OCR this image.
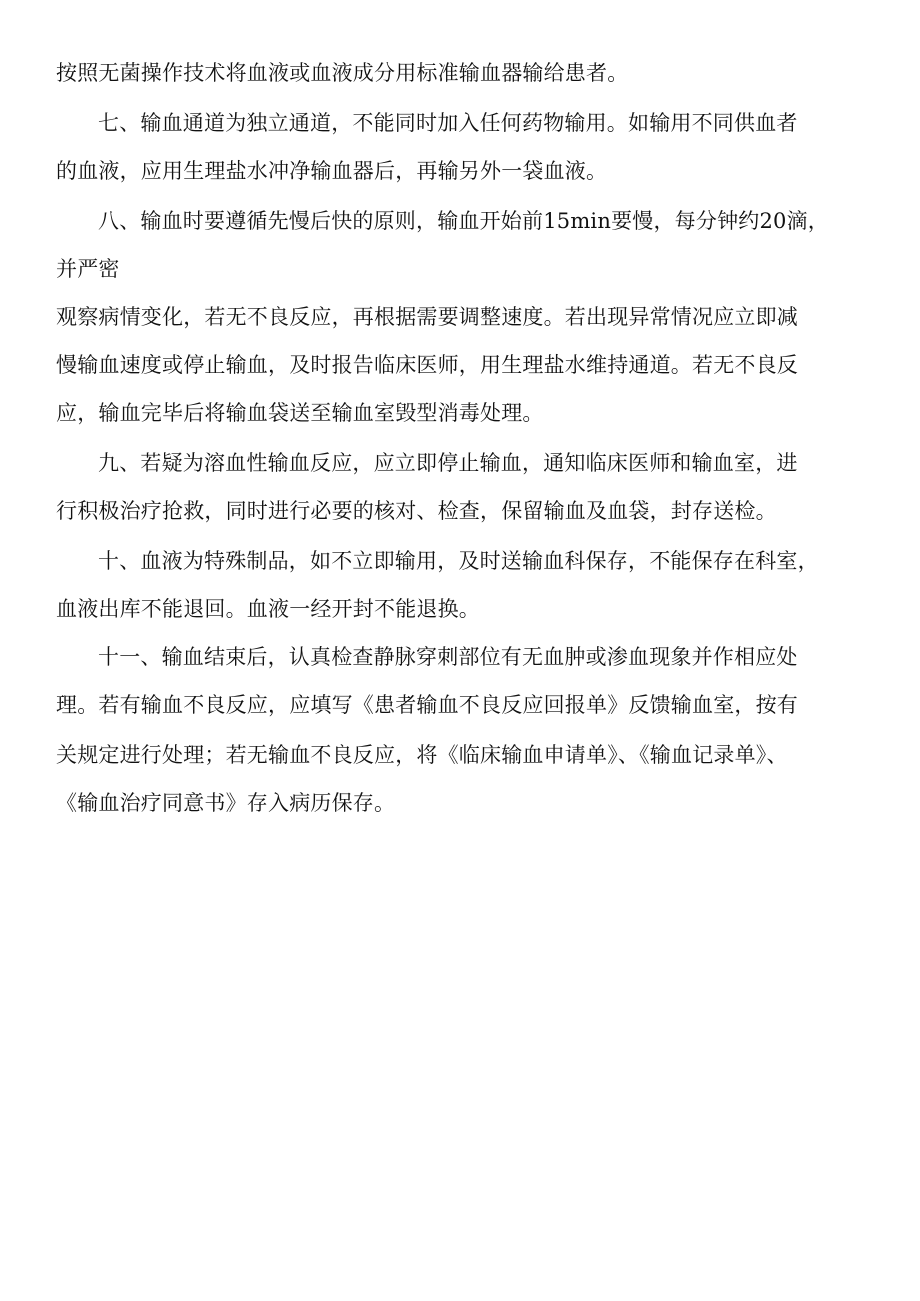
按照无菌操作技术将血液或血液成分用标准输血器输给患者。
七、输血通道为独立通道，不能同时加入任何药物输用。如输用不同供血者
的血液，应用生理盐水冲净输血器后，再输另外一袋血液。
八、输血时要遵循先慢后快的原则，输血开始前15min要慢，每分钟约20滴，
并严密
观察病情变化，若无不良反应，再根据需要调整速度。若出现异常情况应立即减
慢输血速度或停止输血，及时报告临床医师，用生理盐水维持通道。若无不良反
应，输血完毕后将输血袋送至输血室毁型消毒处理。
九、若疑为溶血性输血反应，应立即停止输血，通知临床医师和输血室，进
行积极治疗抢救，同时进行必要的核对、检查，保留输血及血袋，封存送检。
十、血液为特殊制品，如不立即输用，及时送输血科保存，不能保存在科室，
血液出库不能退回。血液一经开封不能退换。
十一、输血结束后，认真检查静脉穿刺部位有无血肿或渗血现象并作相应处
理。若有输血不良反应，应填写《患者输血不良反应回报单》反馈输血室，按有
关规定进行处理；若无输血不良反应，将《临床输血申请单》、《输血记录单》、
《输血治疗同意书》存入病历保存。
